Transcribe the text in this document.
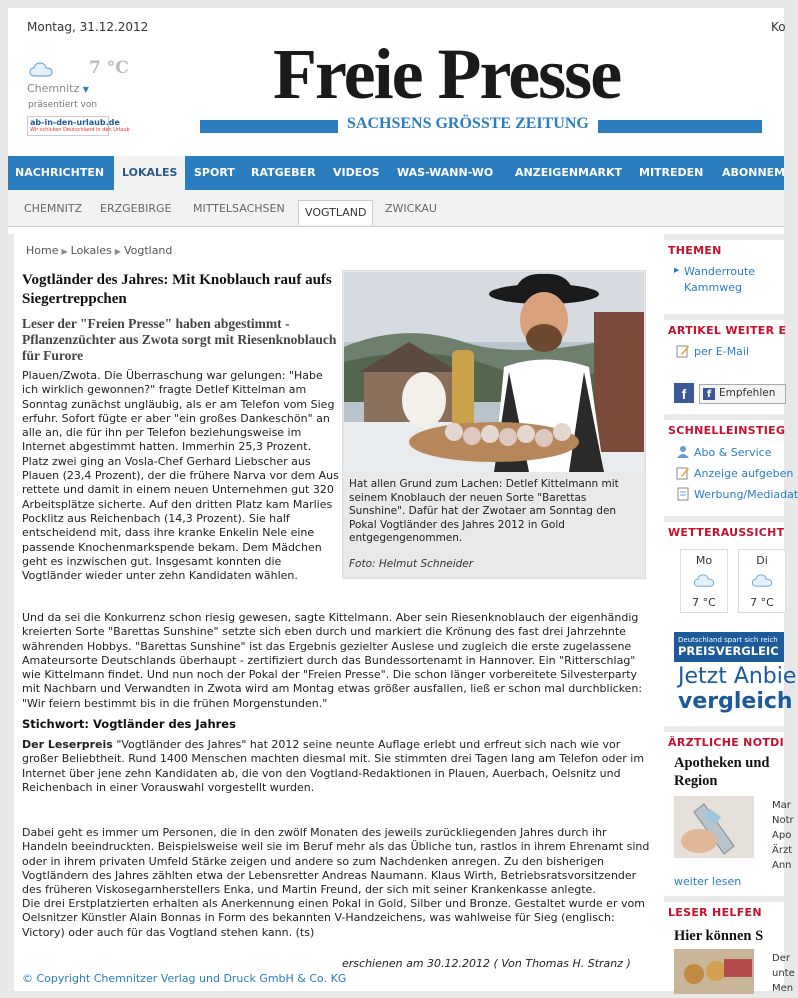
Montag, 31.12.2012	Ko
7 °C
Chemnitz ▼
präsentiert von
ab-in-den-urlaub.de
Wir schicken Deutschland in den Urlaub
Freie Presse
SACHSENS GRÖSSTE ZEITUNG
NACHRICHTEN	LOKALES	SPORT RATGEBER VIDEOS WAS-WANN-WO ANZEIGENMARKT MITREDEN ABONNEM
CHEMNITZ ERZGEBIRGE MITTELSACHSEN	VOGTLAND	ZWICKAU
Home ▶ Lokales ▶ Vogtland
Vogtländer des Jahres: Mit Knoblauch rauf aufs Siegertreppchen
Leser der "Freien Presse" haben abgestimmt - Pflanzenzüchter aus Zwota sorgt mit Riesenknoblauch für Furore
Plauen/Zwota. Die Überraschung war gelungen: "Habe ich wirklich gewonnen?" fragte Detlef Kittelman am Sonntag zunächst ungläubig, als er am Telefon vom Sieg erfuhr. Sofort fügte er aber "ein großes Dankeschön" an alle an, die für ihn per Telefon beziehungsweise im Internet abgestimmt hatten. Immerhin 25,3 Prozent. Platz zwei ging an Vosla-Chef Gerhard Liebscher aus Plauen (23,4 Prozent), der die frühere Narva vor dem Aus rettete und damit in einem neuen Unternehmen gut 320 Arbeitsplätze sicherte. Auf den dritten Platz kam Marlies Pocklitz aus Reichenbach (14,3 Prozent). Sie half entscheidend mit, dass ihre kranke Enkelin Nele eine passende Knochenmarkspende bekam. Dem Mädchen geht es inzwischen gut. Insgesamt konnten die Vogtländer wieder unter zehn Kandidaten wählen.
Hat allen Grund zum Lachen: Detlef Kittelmann mit seinem Knoblauch der neuen Sorte "Barettas Sunshine". Dafür hat der Zwotaer am Sonntag den Pokal Vogtländer des Jahres 2012 in Gold entgegengenommen.
Foto: Helmut Schneider
Und da sei die Konkurrenz schon riesig gewesen, sagte Kittelmann. Aber sein Riesenknoblauch der eigenhändig kreierten Sorte "Barettas Sunshine" setzte sich eben durch und markiert die Krönung des fast drei Jahrzehnte währenden Hobbys. "Barettas Sunshine" ist das Ergebnis gezielter Auslese und zugleich die erste zugelassene Amateursorte Deutschlands überhaupt - zertifiziert durch das Bundessortenamt in Hannover. Ein "Ritterschlag" wie Kittelmann findet. Und nun noch der Pokal der "Freien Presse". Die schon länger vorbereitete Silvesterparty mit Nachbarn und Verwandten in Zwota wird am Montag etwas größer ausfallen, ließ er schon mal durchblicken: "Wir feiern bestimmt bis in die frühen Morgenstunden."
Stichwort: Vogtländer des Jahres
Der Leserpreis "Vogtländer des Jahres" hat 2012 seine neunte Auflage erlebt und erfreut sich nach wie vor großer Beliebtheit. Rund 1400 Menschen machten diesmal mit. Sie stimmten drei Tagen lang am Telefon oder im Internet über jene zehn Kandidaten ab, die von den Vogtland-Redaktionen in Plauen, Auerbach, Oelsnitz und Reichenbach in einer Vorauswahl vorgestellt wurden.
Dabei geht es immer um Personen, die in den zwölf Monaten des jeweils zurückliegenden Jahres durch ihr Handeln beeindruckten. Beispielsweise weil sie im Beruf mehr als das Übliche tun, rastlos in ihrem Ehrenamt sind oder in ihrem privaten Umfeld Stärke zeigen und andere so zum Nachdenken anregen. Zu den bisherigen Vogtländern des Jahres zählten etwa der Lebensretter Andreas Naumann. Klaus Wirth, Betriebsratsvorsitzender des früheren Viskosegarnherstellers Enka, und Martin Freund, der sich mit seiner Krankenkasse anlegte.
Die drei Erstplatzierten erhalten als Anerkennung einen Pokal in Gold, Silber und Bronze. Gestaltet wurde er vom Oelsnitzer Künstler Alain Bonnas in Form des bekannten V-Handzeichens, was wahlweise für Sieg (englisch: Victory) oder auch für das Vogtland stehen kann. (ts)
erschienen am 30.12.2012 ( Von Thomas H. Stranz )
© Copyright Chemnitzer Verlag und Druck GmbH & Co. KG
THEMEN
▶ Wanderroute Kammweg
ARTIKEL WEITER E
per E-Mail
f	f Empfehlen
SCHNELLEINSTIEG
Abo & Service
Anzeige aufgeben
Werbung/Mediadat
WETTERAUSSICHT
Mo
7 °C
Di
7 °C
Deutschland spart sich reich
PREISVERGLEIC
Jetzt Anbie
vergleich
ÄRZTLICHE NOTDI
Apotheken und Region
Mar
Notr
Apo
Ärzt
Ann
weiter lesen
LESER HELFEN
Hier können S
Der
unte
Men
